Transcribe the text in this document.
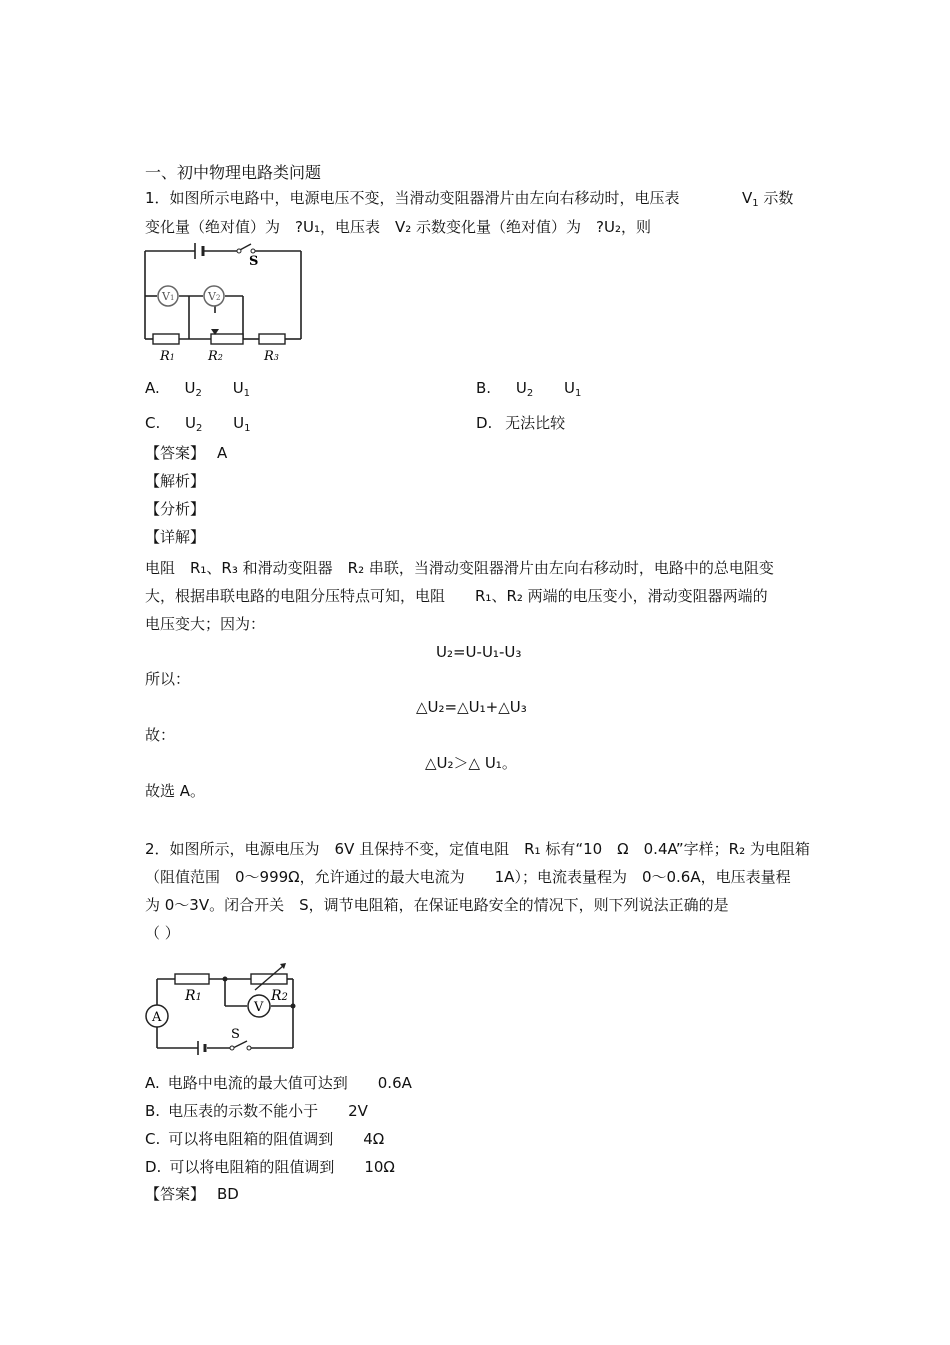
一、初中物理电路类问题
1．如图所示电路中，电源电压不变，当滑动变阻器滑片由左向右移动时，电压表	$V_1$ 示数
变化量（绝对值）为　?U₁，电压表　V₂ 示数变化量（绝对值）为　?U₂，则
S
V1	V2
R1	R2	R3
A. $U_2$ $U_1$	B. $U_2$ $U_1$
C. $U_2$ $U_1$	D. 无法比较
【答案】 A
【解析】
【分析】
【详解】
电阻　R₁、R₃ 和滑动变阻器　R₂ 串联，当滑动变阻器滑片由左向右移动时，电路中的总电阻变
大，根据串联电路的电阻分压特点可知，电阻　　R₁、R₂ 两端的电压变小，滑动变阻器两端的
电压变大；因为：
U₂=U-U₁-U₃
所以：
△U₂=△U₁+△U₃
故：
△U₂＞△ U₁。
故选 A。
2．如图所示，电源电压为　6V 且保持不变，定值电阻　R₁ 标有“10　Ω　0.4A”字样；R₂ 为电阻箱
（阻值范围　0～999Ω，允许通过的最大电流为　　1A）；电流表量程为　0～0.6A，电压表量程
为 0～3V。闭合开关　S，调节电阻箱，在保证电路安全的情况下，则下列说法正确的是
（ ）
R1	R2
A
V
S
A. 电路中电流的最大值可达到　　0.6A
B. 电压表的示数不能小于　　2V
C. 可以将电阻箱的阻值调到　　4Ω
D. 可以将电阻箱的阻值调到　　10Ω
【答案】 BD
